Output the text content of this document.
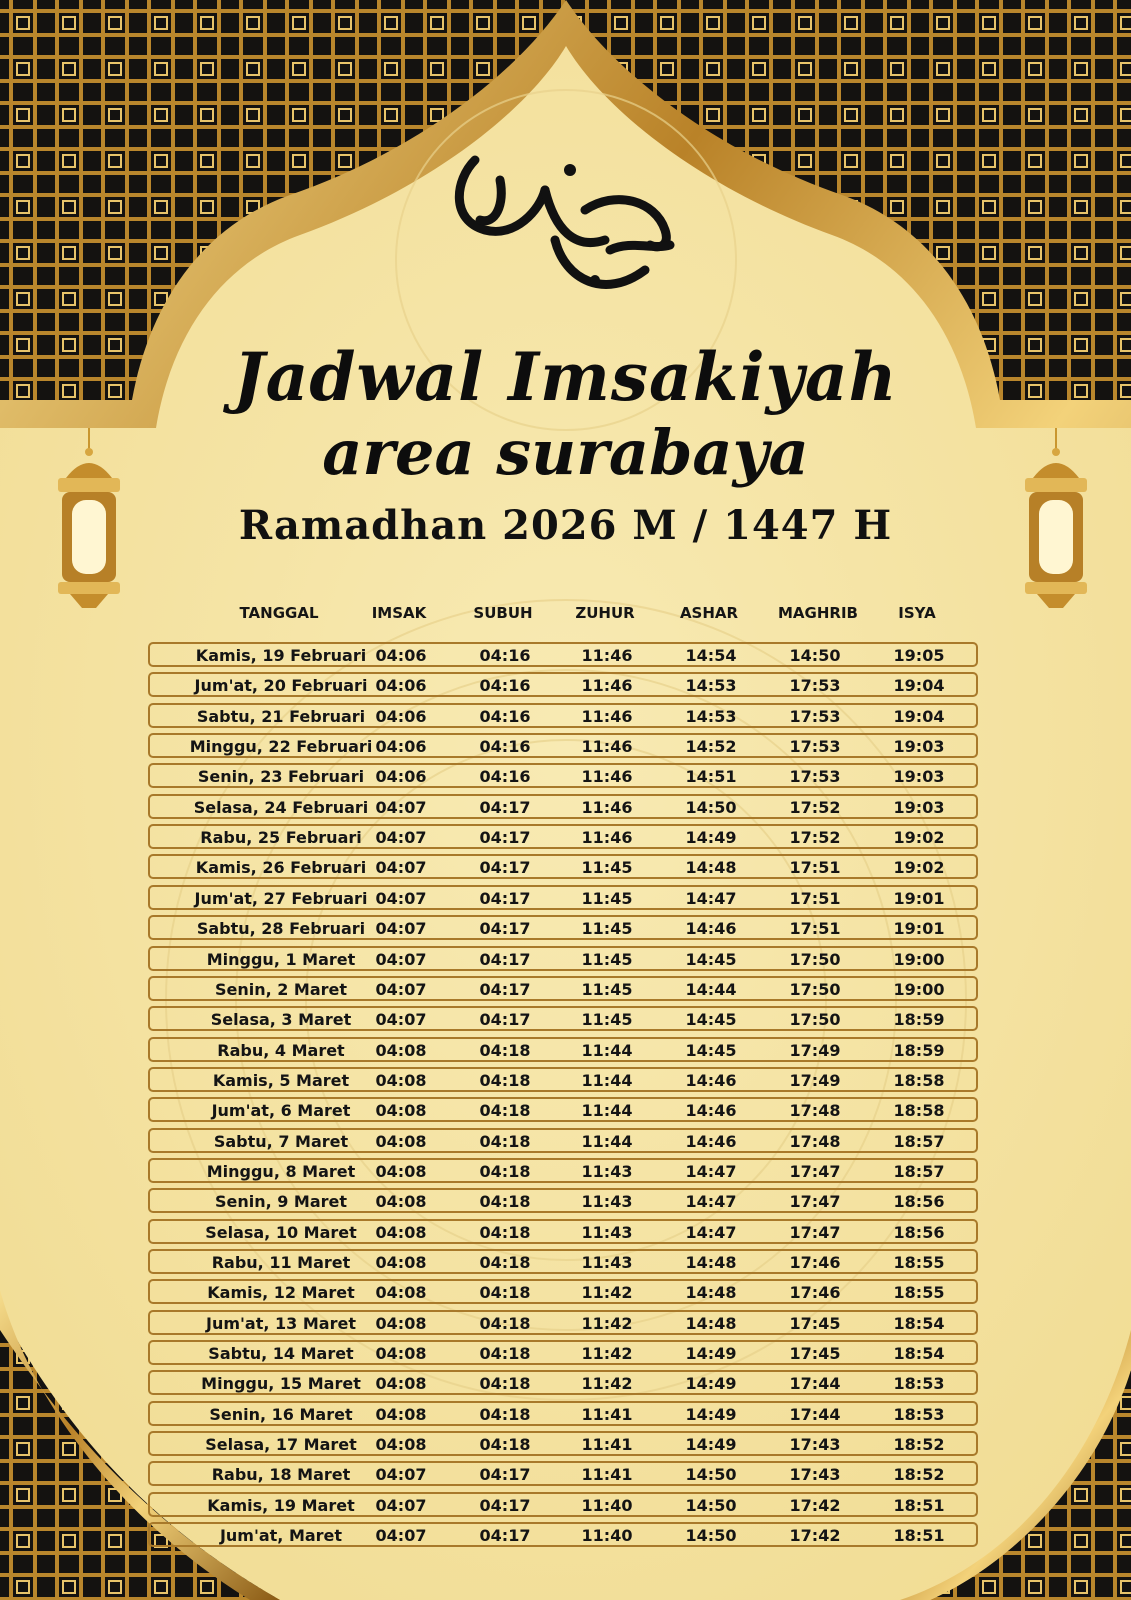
Jadwal Imsakiyah
area surabaya
Ramadhan 2026 M / 1447 H
TANGGAL	IMSAK	SUBUH	ZUHUR	ASHAR	MAGHRIB	ISYA
Kamis, 19 Februari 04:06	04:16	11:46	14:54	14:50	19:05
Jum'at, 20 Februari 04:06	04:16	11:46	14:53	17:53	19:04
Sabtu, 21 Februari 04:06	04:16	11:46	14:53	17:53	19:04
Minggu, 22 Februari 04:06	04:16	11:46	14:52	17:53	19:03
Senin, 23 Februari 04:06	04:16	11:46	14:51	17:53	19:03
Selasa, 24 Februari 04:07	04:17	11:46	14:50	17:52	19:03
Rabu, 25 Februari 04:07	04:17	11:46	14:49	17:52	19:02
Kamis, 26 Februari 04:07	04:17	11:45	14:48	17:51	19:02
Jum'at, 27 Februari 04:07	04:17	11:45	14:47	17:51	19:01
Sabtu, 28 Februari 04:07	04:17	11:45	14:46	17:51	19:01
Minggu, 1 Maret	04:07	04:17	11:45	14:45	17:50	19:00
Senin, 2 Maret	04:07	04:17	11:45	14:44	17:50	19:00
Selasa, 3 Maret	04:07	04:17	11:45	14:45	17:50	18:59
Rabu, 4 Maret	04:08	04:18	11:44	14:45	17:49	18:59
Kamis, 5 Maret	04:08	04:18	11:44	14:46	17:49	18:58
Jum'at, 6 Maret	04:08	04:18	11:44	14:46	17:48	18:58
Sabtu, 7 Maret	04:08	04:18	11:44	14:46	17:48	18:57
Minggu, 8 Maret	04:08	04:18	11:43	14:47	17:47	18:57
Senin, 9 Maret	04:08	04:18	11:43	14:47	17:47	18:56
Selasa, 10 Maret	04:08	04:18	11:43	14:47	17:47	18:56
Rabu, 11 Maret	04:08	04:18	11:43	14:48	17:46	18:55
Kamis, 12 Maret	04:08	04:18	11:42	14:48	17:46	18:55
Jum'at, 13 Maret	04:08	04:18	11:42	14:48	17:45	18:54
Sabtu, 14 Maret	04:08	04:18	11:42	14:49	17:45	18:54
Minggu, 15 Maret 04:08	04:18	11:42	14:49	17:44	18:53
Senin, 16 Maret	04:08	04:18	11:41	14:49	17:44	18:53
Selasa, 17 Maret	04:08	04:18	11:41	14:49	17:43	18:52
Rabu, 18 Maret	04:07	04:17	11:41	14:50	17:43	18:52
Kamis, 19 Maret	04:07	04:17	11:40	14:50	17:42	18:51
Jum'at, Maret	04:07	04:17	11:40	14:50	17:42	18:51
